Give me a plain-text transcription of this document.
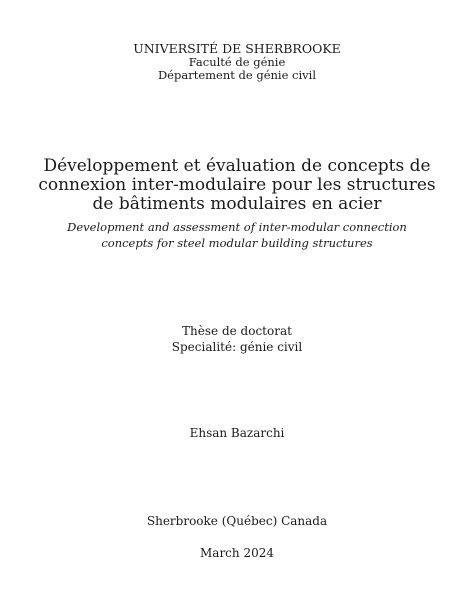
UNIVERSITÉ DE SHERBROOKE
Faculté de génie
Département de génie civil
Développement et évaluation de concepts de
connexion inter-modulaire pour les structures
de bâtiments modulaires en acier
Development and assessment of inter-modular connection
concepts for steel modular building structures
Thèse de doctorat
Specialité: génie civil
Ehsan Bazarchi
Sherbrooke (Québec) Canada
March 2024
